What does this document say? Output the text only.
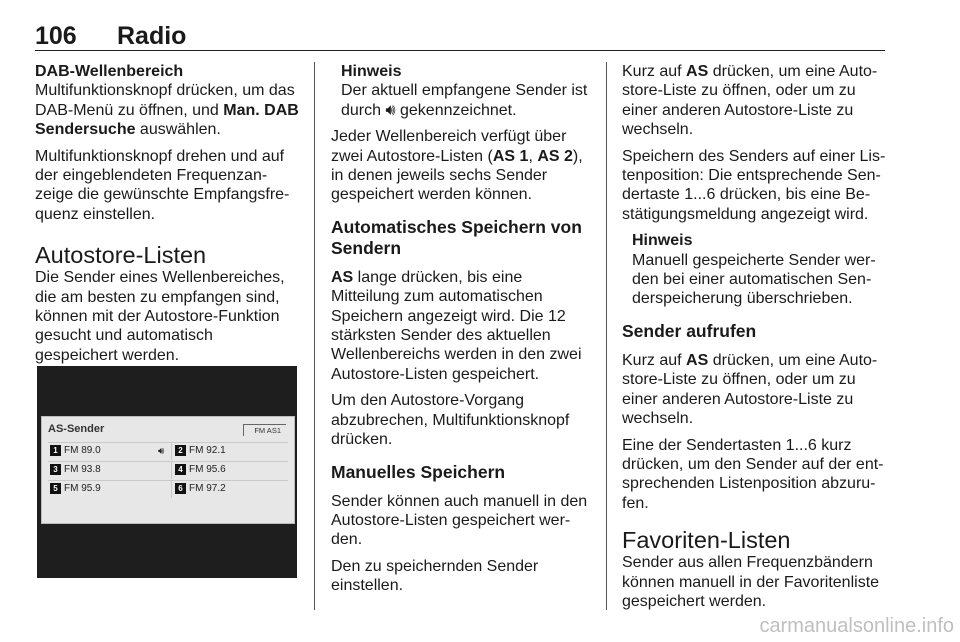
106 Radio

DAB-Wellenbereich

Multifunktionsknopf drücken, um das DAB-Menü zu öffnen, und Man. DAB Sendersuche auswählen.

Multifunktionsknopf drehen und auf der eingeblendeten Frequenzanzeige die gewünschte Empfangsfrequenz einstellen.

Autostore-Listen

Die Sender eines Wellenbereiches, die am besten zu empfangen sind, können mit der Autostore-Funktion gesucht und automatisch gespeichert werden.

AS-Sender	FM AS1
1 FM 89.0	🔊︎	2 FM 92.1
3 FM 93.8	4 FM 95.6
5 FM 95.9	6 FM 97.2
Hinweis
Der aktuell empfangene Sender ist durch 🔊︎ gekennzeichnet.

Jeder Wellenbereich verfügt über zwei Autostore-Listen (AS 1, AS 2), in denen jeweils sechs Sender gespeichert werden können.

Automatisches Speichern von Sendern

AS lange drücken, bis eine Mitteilung zum automatischen Speichern angezeigt wird. Die 12 stärksten Sender des aktuellen Wellenbereichs werden in den zwei Autostore-Listen gespeichert.

Um den Autostore-Vorgang abzubrechen, Multifunktionsknopf drücken.

Manuelles Speichern

Sender können auch manuell in den Autostore-Listen gespeichert werden.

Den zu speichernden Sender einstellen.

Kurz auf AS drücken, um eine Autostore-Liste zu öffnen, oder um zu einer anderen Autostore-Liste zu wechseln.

Speichern des Senders auf einer Listenposition: Die entsprechende Sendertaste 1...6 drücken, bis eine Bestätigungsmeldung angezeigt wird.

Hinweis
Manuell gespeicherte Sender werden bei einer automatischen Senderspeicherung überschrieben.

Sender aufrufen

Kurz auf AS drücken, um eine Autostore-Liste zu öffnen, oder um zu einer anderen Autostore-Liste zu wechseln.

Eine der Sendertasten 1...6 kurz drücken, um den Sender auf der entsprechenden Listenposition abzurufen.

Favoriten-Listen

Sender aus allen Frequenzbändern können manuell in der Favoritenliste gespeichert werden.

carmanualsonline.info
